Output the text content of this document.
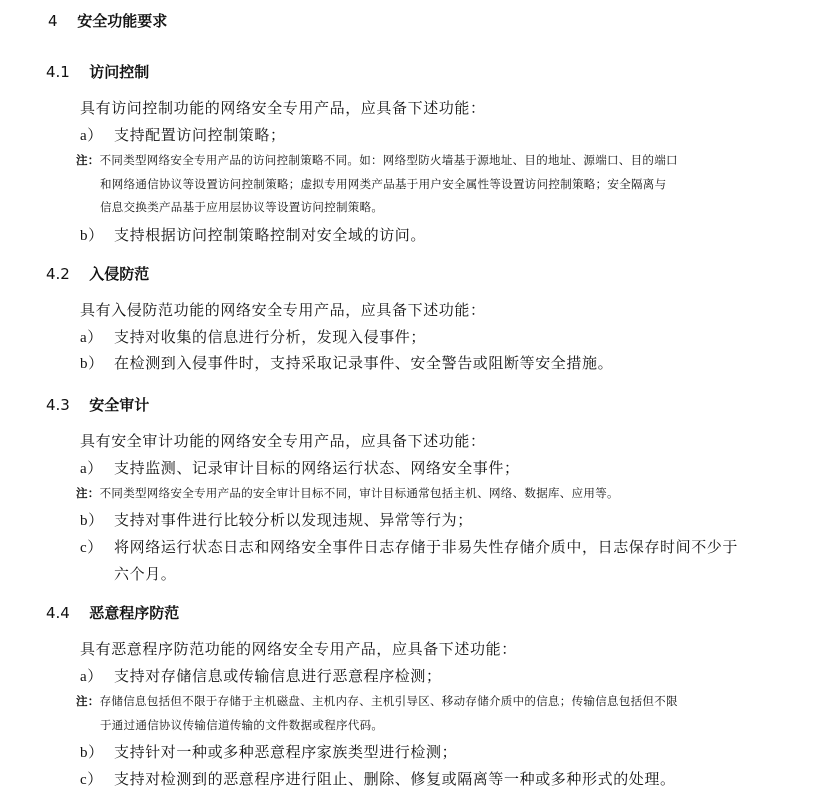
4 安全功能要求
4.1 访问控制
具有访问控制功能的网络安全专用产品，应具备下述功能：
a） 支持配置访问控制策略；
注：不同类型网络安全专用产品的访问控制策略不同。如：网络型防火墙基于源地址、目的地址、源端口、目的端口
和网络通信协议等设置访问控制策略；虚拟专用网类产品基于用户安全属性等设置访问控制策略；安全隔离与
信息交换类产品基于应用层协议等设置访问控制策略。
b） 支持根据访问控制策略控制对安全域的访问。
4.2 入侵防范
具有入侵防范功能的网络安全专用产品，应具备下述功能：
a） 支持对收集的信息进行分析，发现入侵事件；
b） 在检测到入侵事件时，支持采取记录事件、安全警告或阻断等安全措施。
4.3 安全审计
具有安全审计功能的网络安全专用产品，应具备下述功能：
a） 支持监测、记录审计目标的网络运行状态、网络安全事件；
注：不同类型网络安全专用产品的安全审计目标不同，审计目标通常包括主机、网络、数据库、应用等。
b） 支持对事件进行比较分析以发现违规、异常等行为；
c） 将网络运行状态日志和网络安全事件日志存储于非易失性存储介质中，日志保存时间不少于
六个月。
4.4 恶意程序防范
具有恶意程序防范功能的网络安全专用产品，应具备下述功能：
a） 支持对存储信息或传输信息进行恶意程序检测；
注：存储信息包括但不限于存储于主机磁盘、主机内存、主机引导区、移动存储介质中的信息；传输信息包括但不限
于通过通信协议传输信道传输的文件数据或程序代码。
b） 支持针对一种或多种恶意程序家族类型进行检测；
c） 支持对检测到的恶意程序进行阻止、删除、修复或隔离等一种或多种形式的处理。
